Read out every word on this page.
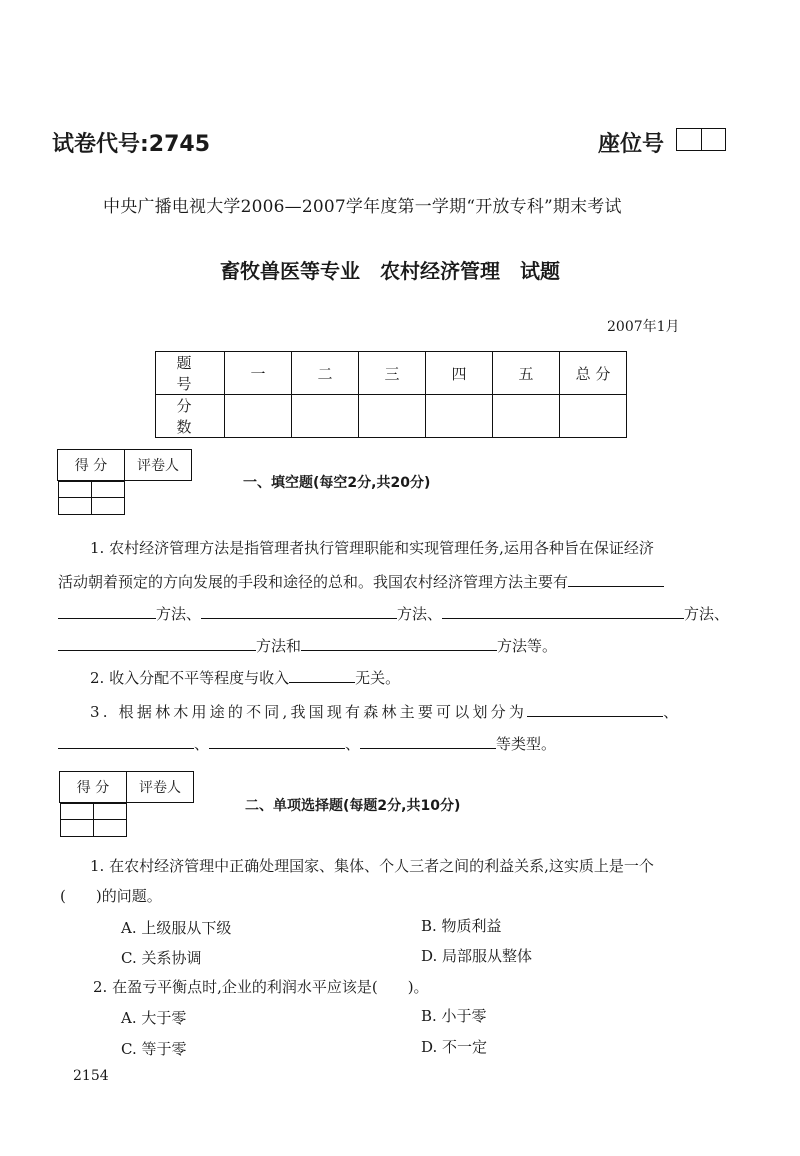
试卷代号:2745	座位号
中央广播电视大学2006—2007学年度第一学期“开放专科”期末考试
畜牧兽医等专业　农村经济管理　试题
2007年1月
题 号	一	二	三	四	五	总 分
分 数						
得 分	评卷人

一、填空题(每空2分,共20分)
1. 农村经济管理方法是指管理者执行管理职能和实现管理任务,运用各种旨在保证经济
活动朝着预定的方向发展的手段和途径的总和。我国农村经济管理方法主要有
方法、	方法、	方法、
方法和	方法等。
2. 收入分配不平等程度与收入	无关。
3. 根据林木用途的不同,我国现有森林主要可以划分为	、
、	、	等类型。
得 分	评卷人

二、单项选择题(每题2分,共10分)
1. 在农村经济管理中正确处理国家、集体、个人三者之间的利益关系,这实质上是一个
(　　)的问题。
A. 上级服从下级	B. 物质利益
C. 关系协调	D. 局部服从整体
2. 在盈亏平衡点时,企业的利润水平应该是(　　)。
A. 大于零	B. 小于零
C. 等于零	D. 不一定
2154
